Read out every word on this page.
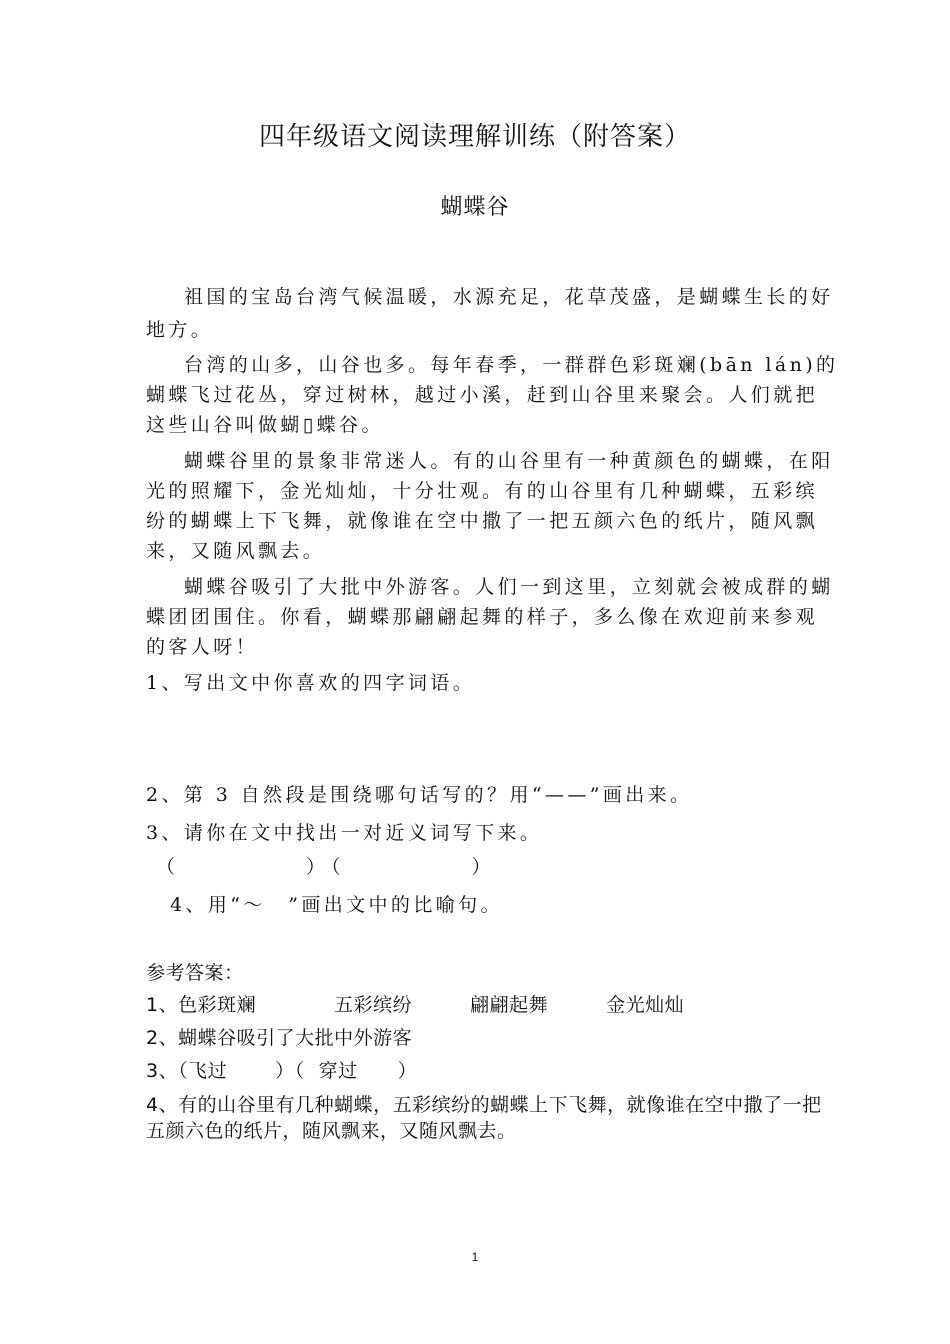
四年级语文阅读理解训练（附答案）
蝴蝶谷
祖国的宝岛台湾气候温暖，水源充足，花草茂盛，是蝴蝶生长的好
地方。
台湾的山多，山谷也多。每年春季，一群群色彩斑斓(bān lán)的
蝴蝶飞过花丛，穿过树林，越过小溪，赶到山谷里来聚会。人们就把
这些山谷叫做蝴▯蝶谷。
蝴蝶谷里的景象非常迷人。有的山谷里有一种黄颜色的蝴蝶，在阳
光的照耀下，金光灿灿，十分壮观。有的山谷里有几种蝴蝶，五彩缤
纷的蝴蝶上下飞舞，就像谁在空中撒了一把五颜六色的纸片，随风飘
来，又随风飘去。
蝴蝶谷吸引了大批中外游客。人们一到这里，立刻就会被成群的蝴
蝶团团围住。你看，蝴蝶那翩翩起舞的样子，多么像在欢迎前来参观
的客人呀！
1、写出文中你喜欢的四字词语。
2、第 3 自然段是围绕哪句话写的？用“——”画出来。
3、请你在文中找出一对近义词写下来。
（　　　　　）（　　　　　）
4、用“～　”画出文中的比喻句。
参考答案：
1、色彩斑斓	五彩缤纷	翩翩起舞	金光灿灿
2、蝴蝶谷吸引了大批中外游客
3、（飞过	）（ 穿过 ）
4、有的山谷里有几种蝴蝶，五彩缤纷的蝴蝶上下飞舞，就像谁在空中撒了一把
五颜六色的纸片，随风飘来，又随风飘去。
1
